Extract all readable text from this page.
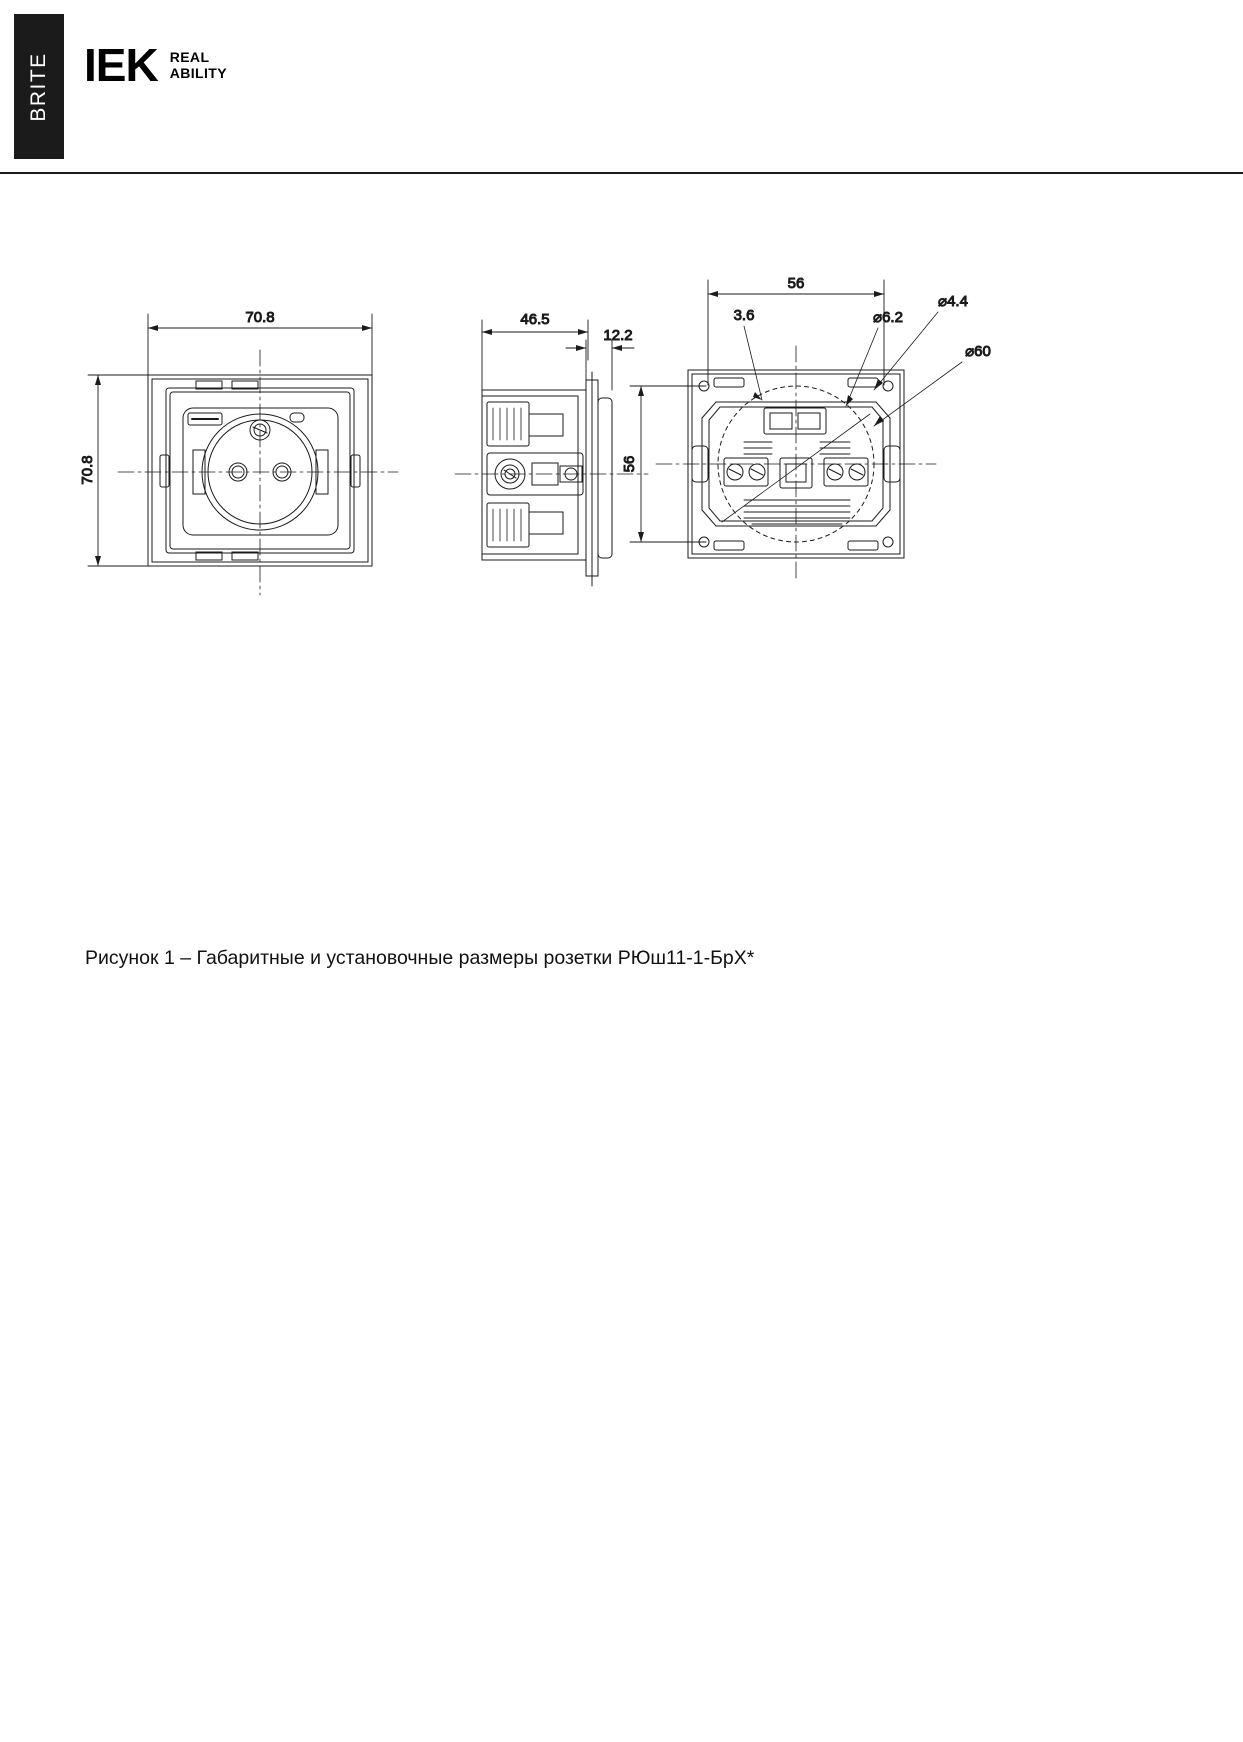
BRITE IEK REAL
ABILITY
70.8
70.8
46.5
12.2
56
56
3.6	⌀6.2
⌀4.4
⌀60
Рисунок 1 – Габаритные и установочные размеры розетки РЮш11-1-БрХ*
